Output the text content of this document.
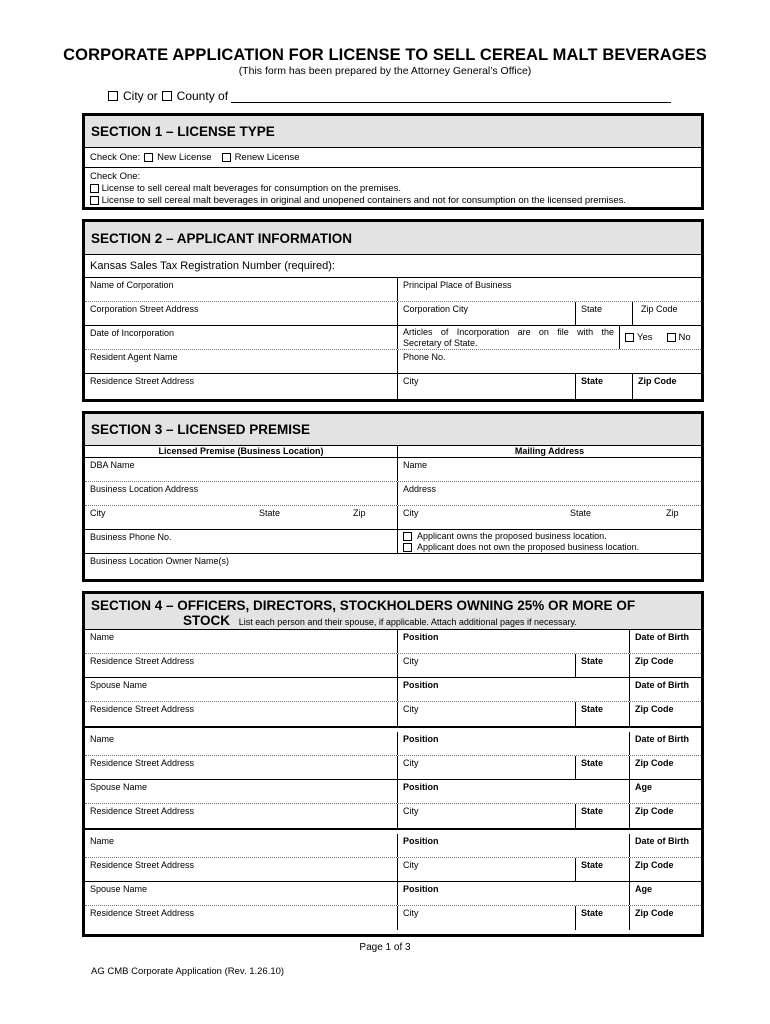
CORPORATE APPLICATION FOR LICENSE TO SELL CEREAL MALT BEVERAGES
(This form has been prepared by the Attorney General’s Office)
City or County of
SECTION 1 – LICENSE TYPE
Check One: New License Renew License
Check One:
License to sell cereal malt beverages for consumption on the premises.
License to sell cereal malt beverages in original and unopened containers and not for consumption on the licensed premises.
SECTION 2 – APPLICANT INFORMATION
Kansas Sales Tax Registration Number (required):
Name of Corporation	Principal Place of Business
Corporation Street Address	Corporation City	State	Zip Code
Date of Incorporation	Articles of Incorporation are on file with the Secretary of State.	Yes	No
Resident Agent Name	Phone No.
Residence Street Address	City	State	Zip Code
SECTION 3 – LICENSED PREMISE
Licensed Premise (Business Location)	Mailing Address
DBA Name	Name
Business Location Address	Address
City	State	Zip	City	State	Zip
Business Phone No.	Applicant owns the proposed business location.
Applicant does not own the proposed business location.
Business Location Owner Name(s)
SECTION 4 – OFFICERS, DIRECTORS, STOCKHOLDERS OWNING 25% OR MORE OF
STOCK List each person and their spouse, if applicable. Attach additional pages if necessary.
Name	Position	Date of Birth
Residence Street Address	City	State	Zip Code
Spouse Name	Position	Date of Birth
Residence Street Address	City	State	Zip Code
Name	Position	Date of Birth
Residence Street Address	City	State	Zip Code
Spouse Name	Position	Age
Residence Street Address	City	State	Zip Code
Name	Position	Date of Birth
Residence Street Address	City	State	Zip Code
Spouse Name	Position	Age
Residence Street Address	City	State	Zip Code
Page 1 of 3
AG CMB Corporate Application (Rev. 1.26.10)
